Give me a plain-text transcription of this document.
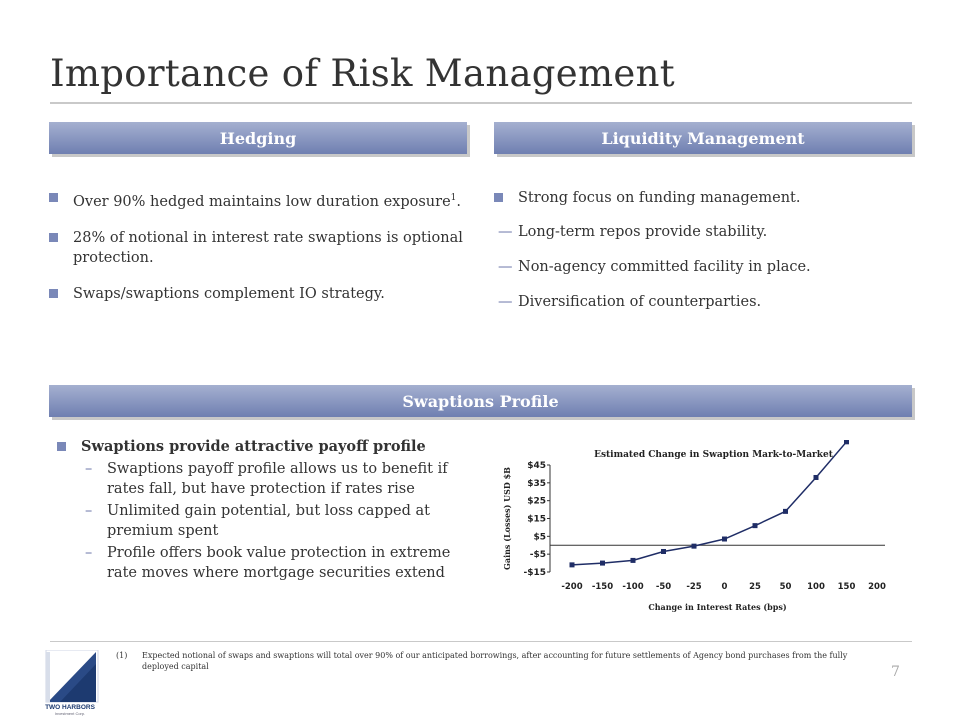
Importance of Risk Management
Hedging
Over 90% hedged maintains low duration exposure$^1$.
28% of notional in interest rate swaptions is optional protection.
Swaps/swaptions complement IO strategy.
Liquidity Management
Strong focus on funding management.
— Long-term repos provide stability.
— Non-agency committed facility in place.
— Diversification of counterparties.
Swaptions Profile
Swaptions provide attractive payoff profile
– Swaptions payoff profile allows us to benefit if rates fall, but have protection if rates rise
– Unlimited gain potential, but loss capped at premium spent
– Profile offers book value protection in extreme rate moves where mortgage securities extend
Estimated Change in Swaption Mark-to-Market
$45
$35
$25
$15
$5
-$5
-$15
Gains (Losses) USD $B
-200 -150 -100 -50 -25 0	25 50 100 150 200
Change in Interest Rates (bps)
(1) Expected notional of swaps and swaptions will total over 90% of our anticipated borrowings, after accounting for future settlements of Agency bond purchases from the fully deployed capital	7
TWO HARBORS
Investment Corp.
